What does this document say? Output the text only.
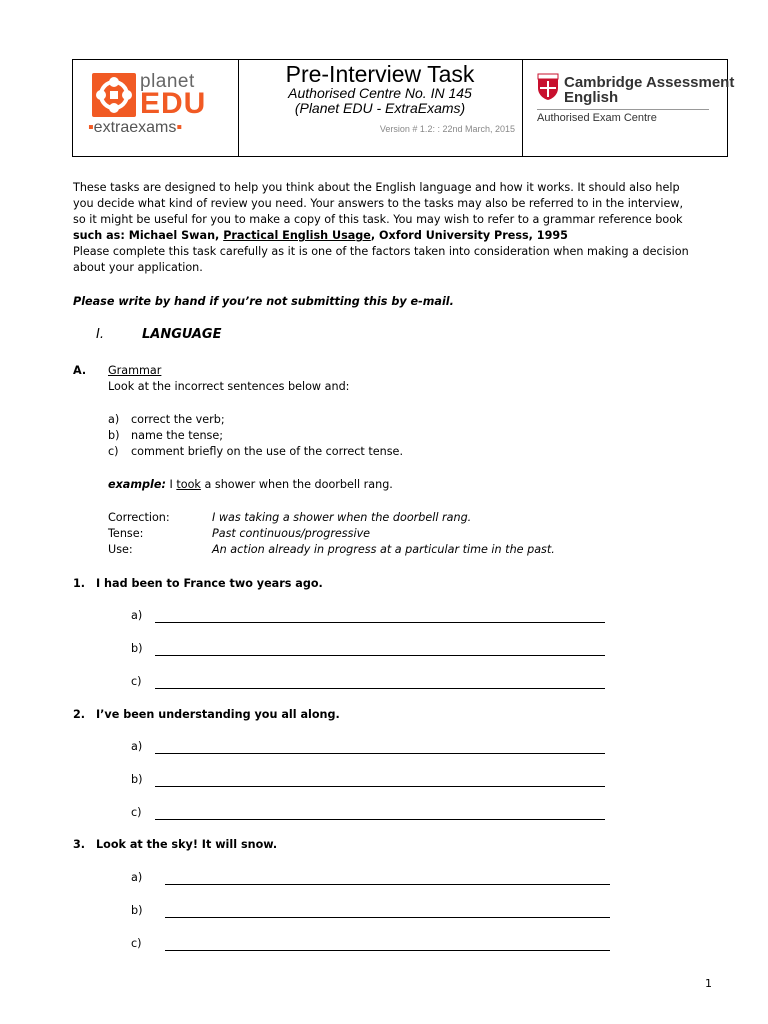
planet
EDU
▪extraexams▪
Pre-Interview Task
Authorised Centre No. IN 145
(Planet EDU - ExtraExams)
Version # 1.2: : 22nd March, 2015
Cambridge Assessment
English
Authorised Exam Centre
These tasks are designed to help you think about the English language and how it works. It should also help
you decide what kind of review you need. Your answers to the tasks may also be referred to in the interview,
so it might be useful for you to make a copy of this task. You may wish to refer to a grammar reference book
such as: Michael Swan, Practical English Usage, Oxford University Press, 1995
Please complete this task carefully as it is one of the factors taken into consideration when making a decision
about your application.
Please write by hand if you’re not submitting this by e-mail.
I.	LANGUAGE
A. Grammar
Look at the incorrect sentences below and:
a) correct the verb;
b) name the tense;
c) comment briefly on the use of the correct tense.
example: I took a shower when the doorbell rang.
Correction:	I was taking a shower when the doorbell rang.
Tense:	Past continuous/progressive
Use:	An action already in progress at a particular time in the past.
1. I had been to France two years ago.
a)
b)
c)
2. I’ve been understanding you all along.
a)
b)
c)
3. Look at the sky! It will snow.
a)
b)
c)
1
